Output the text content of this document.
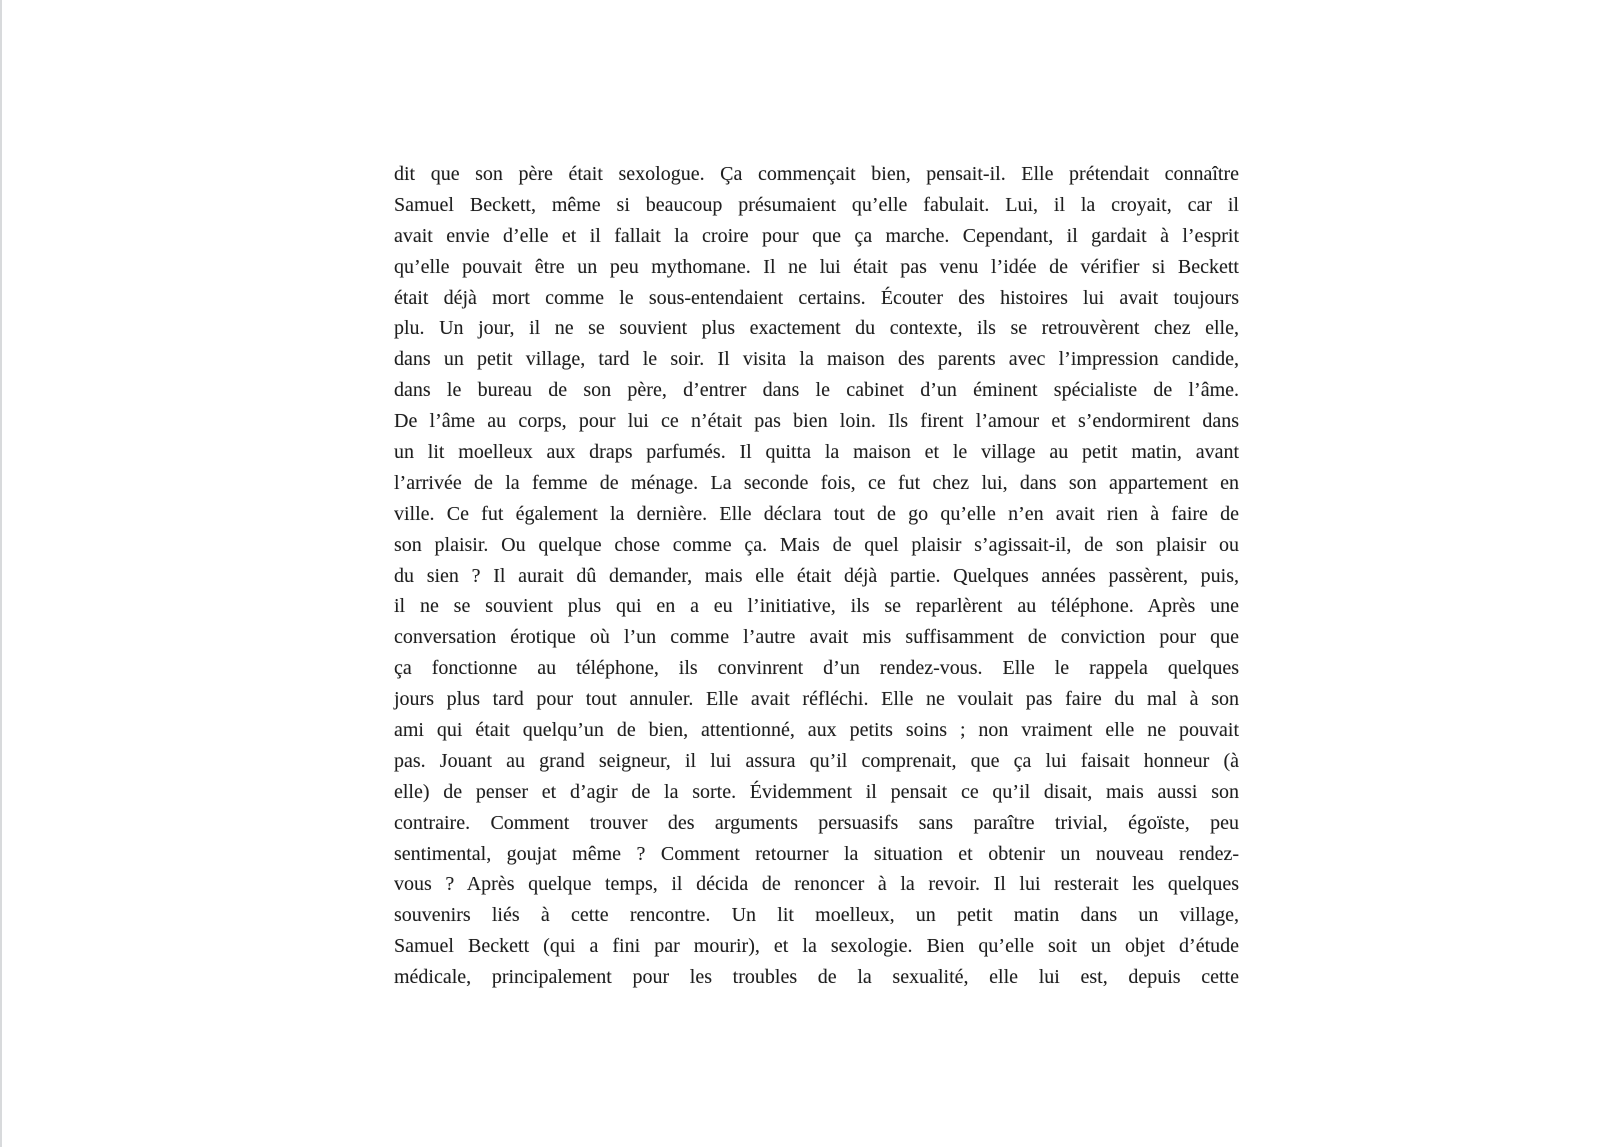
dit que son père était sexologue. Ça commençait bien, pensait-il. Elle prétendait connaître
Samuel Beckett, même si beaucoup présumaient qu’elle fabulait. Lui, il la croyait, car il
avait envie d’elle et il fallait la croire pour que ça marche. Cependant, il gardait à l’esprit
qu’elle pouvait être un peu mythomane. Il ne lui était pas venu l’idée de vérifier si Beckett
était déjà mort comme le sous-entendaient certains. Écouter des histoires lui avait toujours
plu. Un jour, il ne se souvient plus exactement du contexte, ils se retrouvèrent chez elle,
dans un petit village, tard le soir. Il visita la maison des parents avec l’impression candide,
dans le bureau de son père, d’entrer dans le cabinet d’un éminent spécialiste de l’âme.
De l’âme au corps, pour lui ce n’était pas bien loin. Ils firent l’amour et s’endormirent dans
un lit moelleux aux draps parfumés. Il quitta la maison et le village au petit matin, avant
l’arrivée de la femme de ménage. La seconde fois, ce fut chez lui, dans son appartement en
ville. Ce fut également la dernière. Elle déclara tout de go qu’elle n’en avait rien à faire de
son plaisir. Ou quelque chose comme ça. Mais de quel plaisir s’agissait-il, de son plaisir ou
du sien ? Il aurait dû demander, mais elle était déjà partie. Quelques années passèrent, puis,
il ne se souvient plus qui en a eu l’initiative, ils se reparlèrent au téléphone. Après une
conversation érotique où l’un comme l’autre avait mis suffisamment de conviction pour que
ça fonctionne au téléphone, ils convinrent d’un rendez-vous. Elle le rappela quelques
jours plus tard pour tout annuler. Elle avait réfléchi. Elle ne voulait pas faire du mal à son
ami qui était quelqu’un de bien, attentionné, aux petits soins ; non vraiment elle ne pouvait
pas. Jouant au grand seigneur, il lui assura qu’il comprenait, que ça lui faisait honneur (à
elle) de penser et d’agir de la sorte. Évidemment il pensait ce qu’il disait, mais aussi son
contraire. Comment trouver des arguments persuasifs sans paraître trivial, égoïste, peu
sentimental, goujat même ? Comment retourner la situation et obtenir un nouveau rendez-
vous ? Après quelque temps, il décida de renoncer à la revoir. Il lui resterait les quelques
souvenirs liés à cette rencontre. Un lit moelleux, un petit matin dans un village,
Samuel Beckett (qui a fini par mourir), et la sexologie. Bien qu’elle soit un objet d’étude
médicale, principalement pour les troubles de la sexualité, elle lui est, depuis cette
